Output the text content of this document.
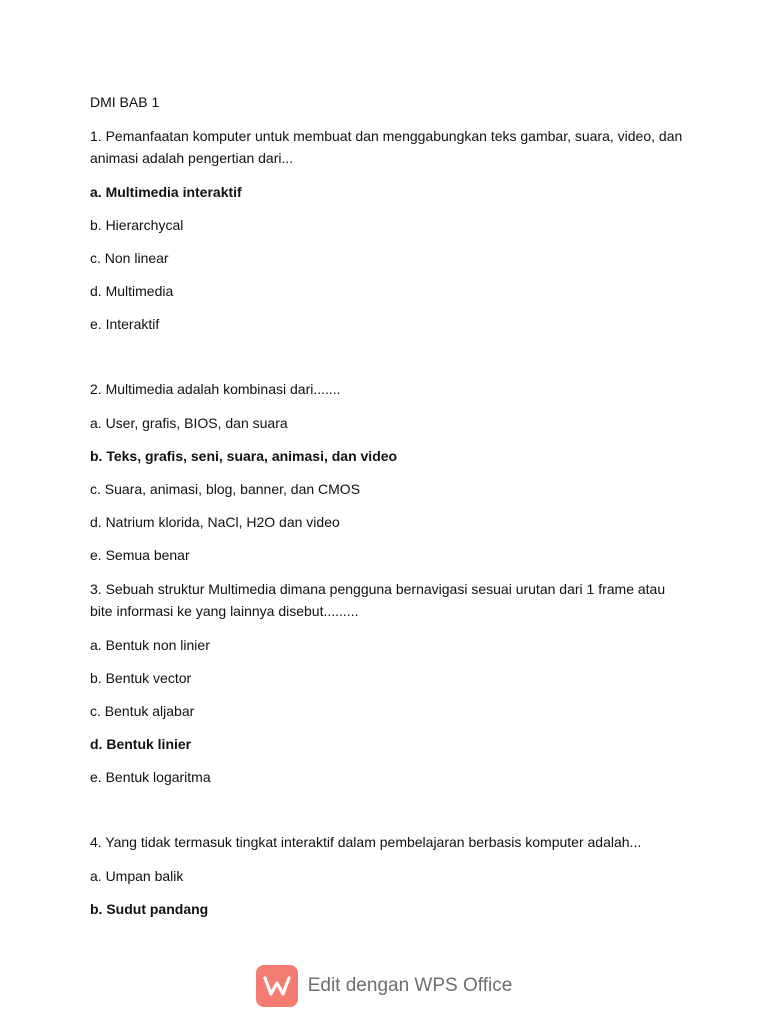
DMI BAB 1

1. Pemanfaatan komputer untuk membuat dan menggabungkan teks gambar, suara, video, dan animasi adalah pengertian dari...

a. Multimedia interaktif

b. Hierarchycal

c. Non linear

d. Multimedia

e. Interaktif

2. Multimedia adalah kombinasi dari.......

a. User, grafis, BIOS, dan suara

b. Teks, grafis, seni, suara, animasi, dan video

c. Suara, animasi, blog, banner, dan CMOS

d. Natrium klorida, NaCl, H2O dan video

e. Semua benar

3. Sebuah struktur Multimedia dimana pengguna bernavigasi sesuai urutan dari 1 frame atau bite informasi ke yang lainnya disebut.........

a. Bentuk non linier

b. Bentuk vector

c. Bentuk aljabar

d. Bentuk linier

e. Bentuk logaritma

4. Yang tidak termasuk tingkat interaktif dalam pembelajaran berbasis komputer adalah...

a. Umpan balik

b. Sudut pandang

Edit dengan WPS Office
